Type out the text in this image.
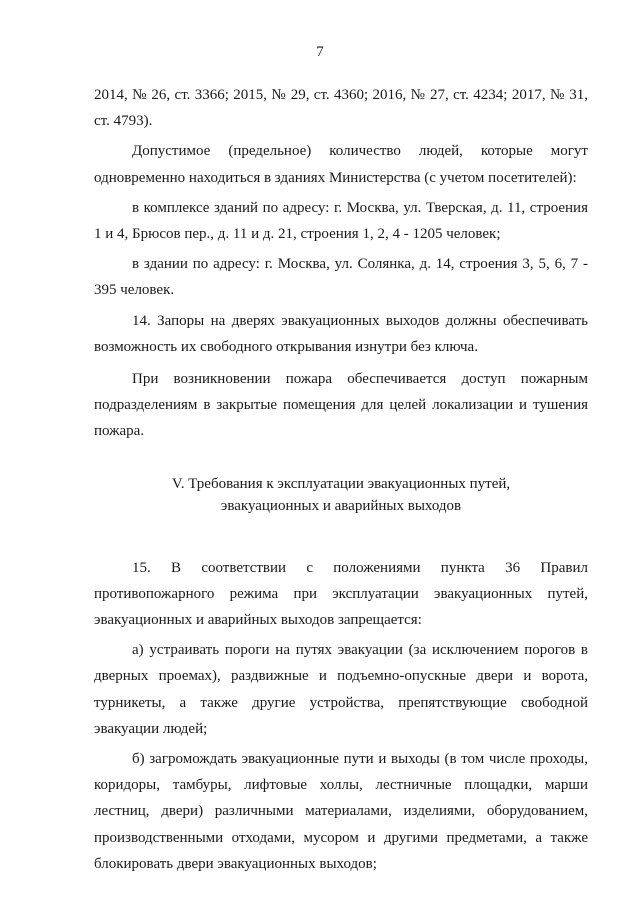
7

2014, № 26, ст. 3366; 2015, № 29, ст. 4360; 2016, № 27, ст. 4234; 2017, № 31, ст. 4793).

Допустимое (предельное) количество людей, которые могут одновременно находиться в зданиях Министерства (с учетом посетителей):

в комплексе зданий по адресу: г. Москва, ул. Тверская, д. 11, строения 1 и 4, Брюсов пер., д. 11 и д. 21, строения 1, 2, 4 - 1205 человек;

в здании по адресу: г. Москва, ул. Солянка, д. 14, строения 3, 5, 6, 7 - 395 человек.

14. Запоры на дверях эвакуационных выходов должны обеспечивать возможность их свободного открывания изнутри без ключа.

При возникновении пожара обеспечивается доступ пожарным подразделениям в закрытые помещения для целей локализации и тушения пожара.

V. Требования к эксплуатации эвакуационных путей,
эвакуационных и аварийных выходов

15. В соответствии с положениями пункта 36 Правил противопожарного режима при эксплуатации эвакуационных путей, эвакуационных и аварийных выходов запрещается:

а) устраивать пороги на путях эвакуации (за исключением порогов в дверных проемах), раздвижные и подъемно-опускные двери и ворота, турникеты, а также другие устройства, препятствующие свободной эвакуации людей;

б) загромождать эвакуационные пути и выходы (в том числе проходы, коридоры, тамбуры, лифтовые холлы, лестничные площадки, марши лестниц, двери) различными материалами, изделиями, оборудованием, производственными отходами, мусором и другими предметами, а также блокировать двери эвакуационных выходов;
